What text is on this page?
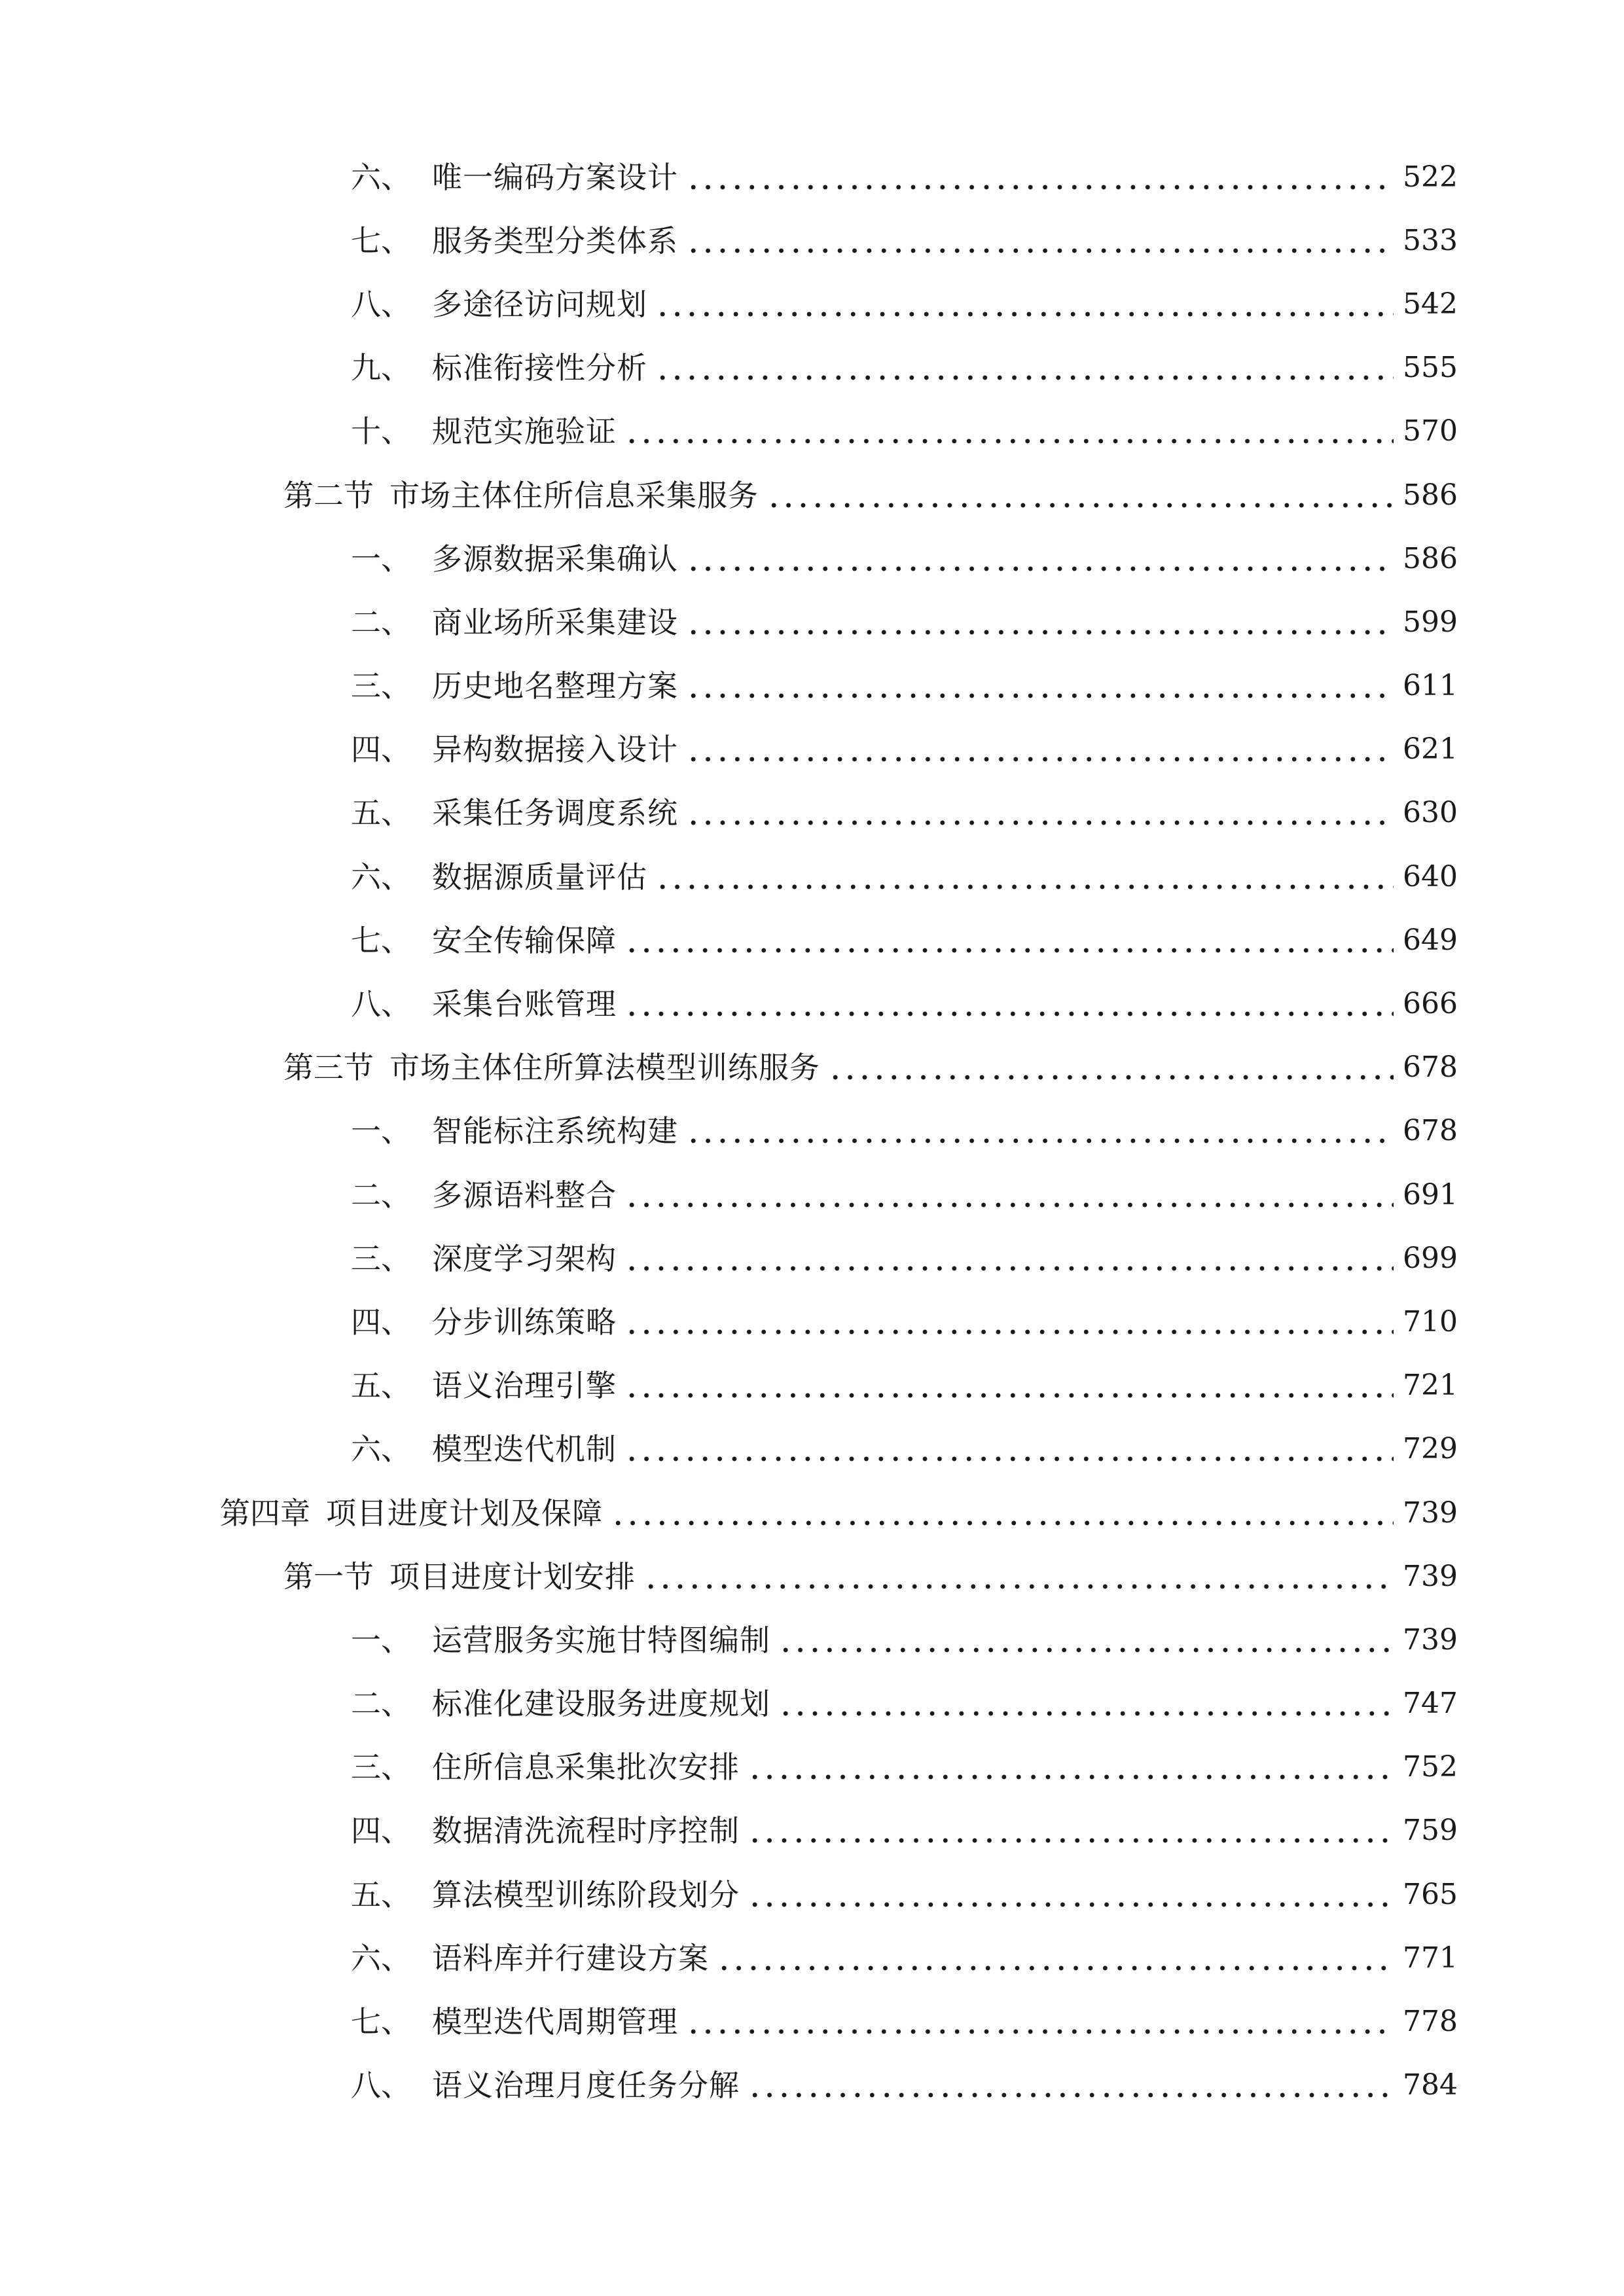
六、 唯一编码方案设计	522
七、 服务类型分类体系	533
八、 多途径访问规划	542
九、 标准衔接性分析	555
十、 规范实施验证	570
第二节 市场主体住所信息采集服务	586
一、 多源数据采集确认	586
二、 商业场所采集建设	599
三、 历史地名整理方案	611
四、 异构数据接入设计	621
五、 采集任务调度系统	630
六、 数据源质量评估	640
七、 安全传输保障	649
八、 采集台账管理	666
第三节 市场主体住所算法模型训练服务	678
一、 智能标注系统构建	678
二、 多源语料整合	691
三、 深度学习架构	699
四、 分步训练策略	710
五、 语义治理引擎	721
六、 模型迭代机制	729
第四章 项目进度计划及保障	739
第一节 项目进度计划安排	739
一、 运营服务实施甘特图编制	739
二、 标准化建设服务进度规划	747
三、 住所信息采集批次安排	752
四、 数据清洗流程时序控制	759
五、 算法模型训练阶段划分	765
六、 语料库并行建设方案	771
七、 模型迭代周期管理	778
八、 语义治理月度任务分解	784
